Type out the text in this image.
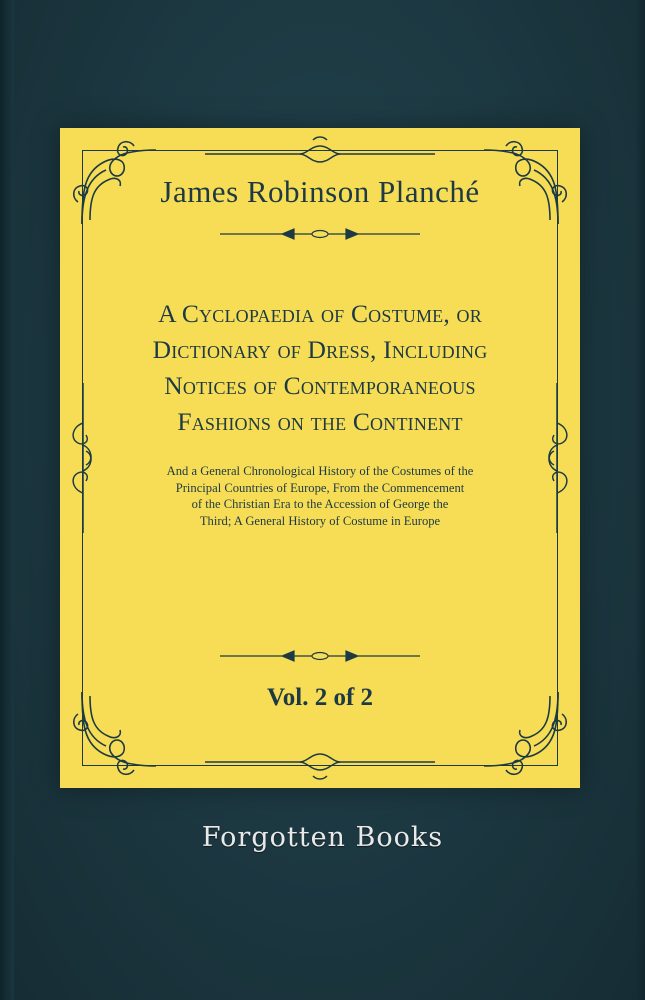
James Robinson Planché
A Cyclopaedia of Costume, or
Dictionary of Dress, Including
Notices of Contemporaneous
Fashions on the Continent
And a General Chronological History of the Costumes of the
Principal Countries of Europe, From the Commencement
of the Christian Era to the Accession of George the
Third; A General History of Costume in Europe
Vol. 2 of 2
Forgotten Books
